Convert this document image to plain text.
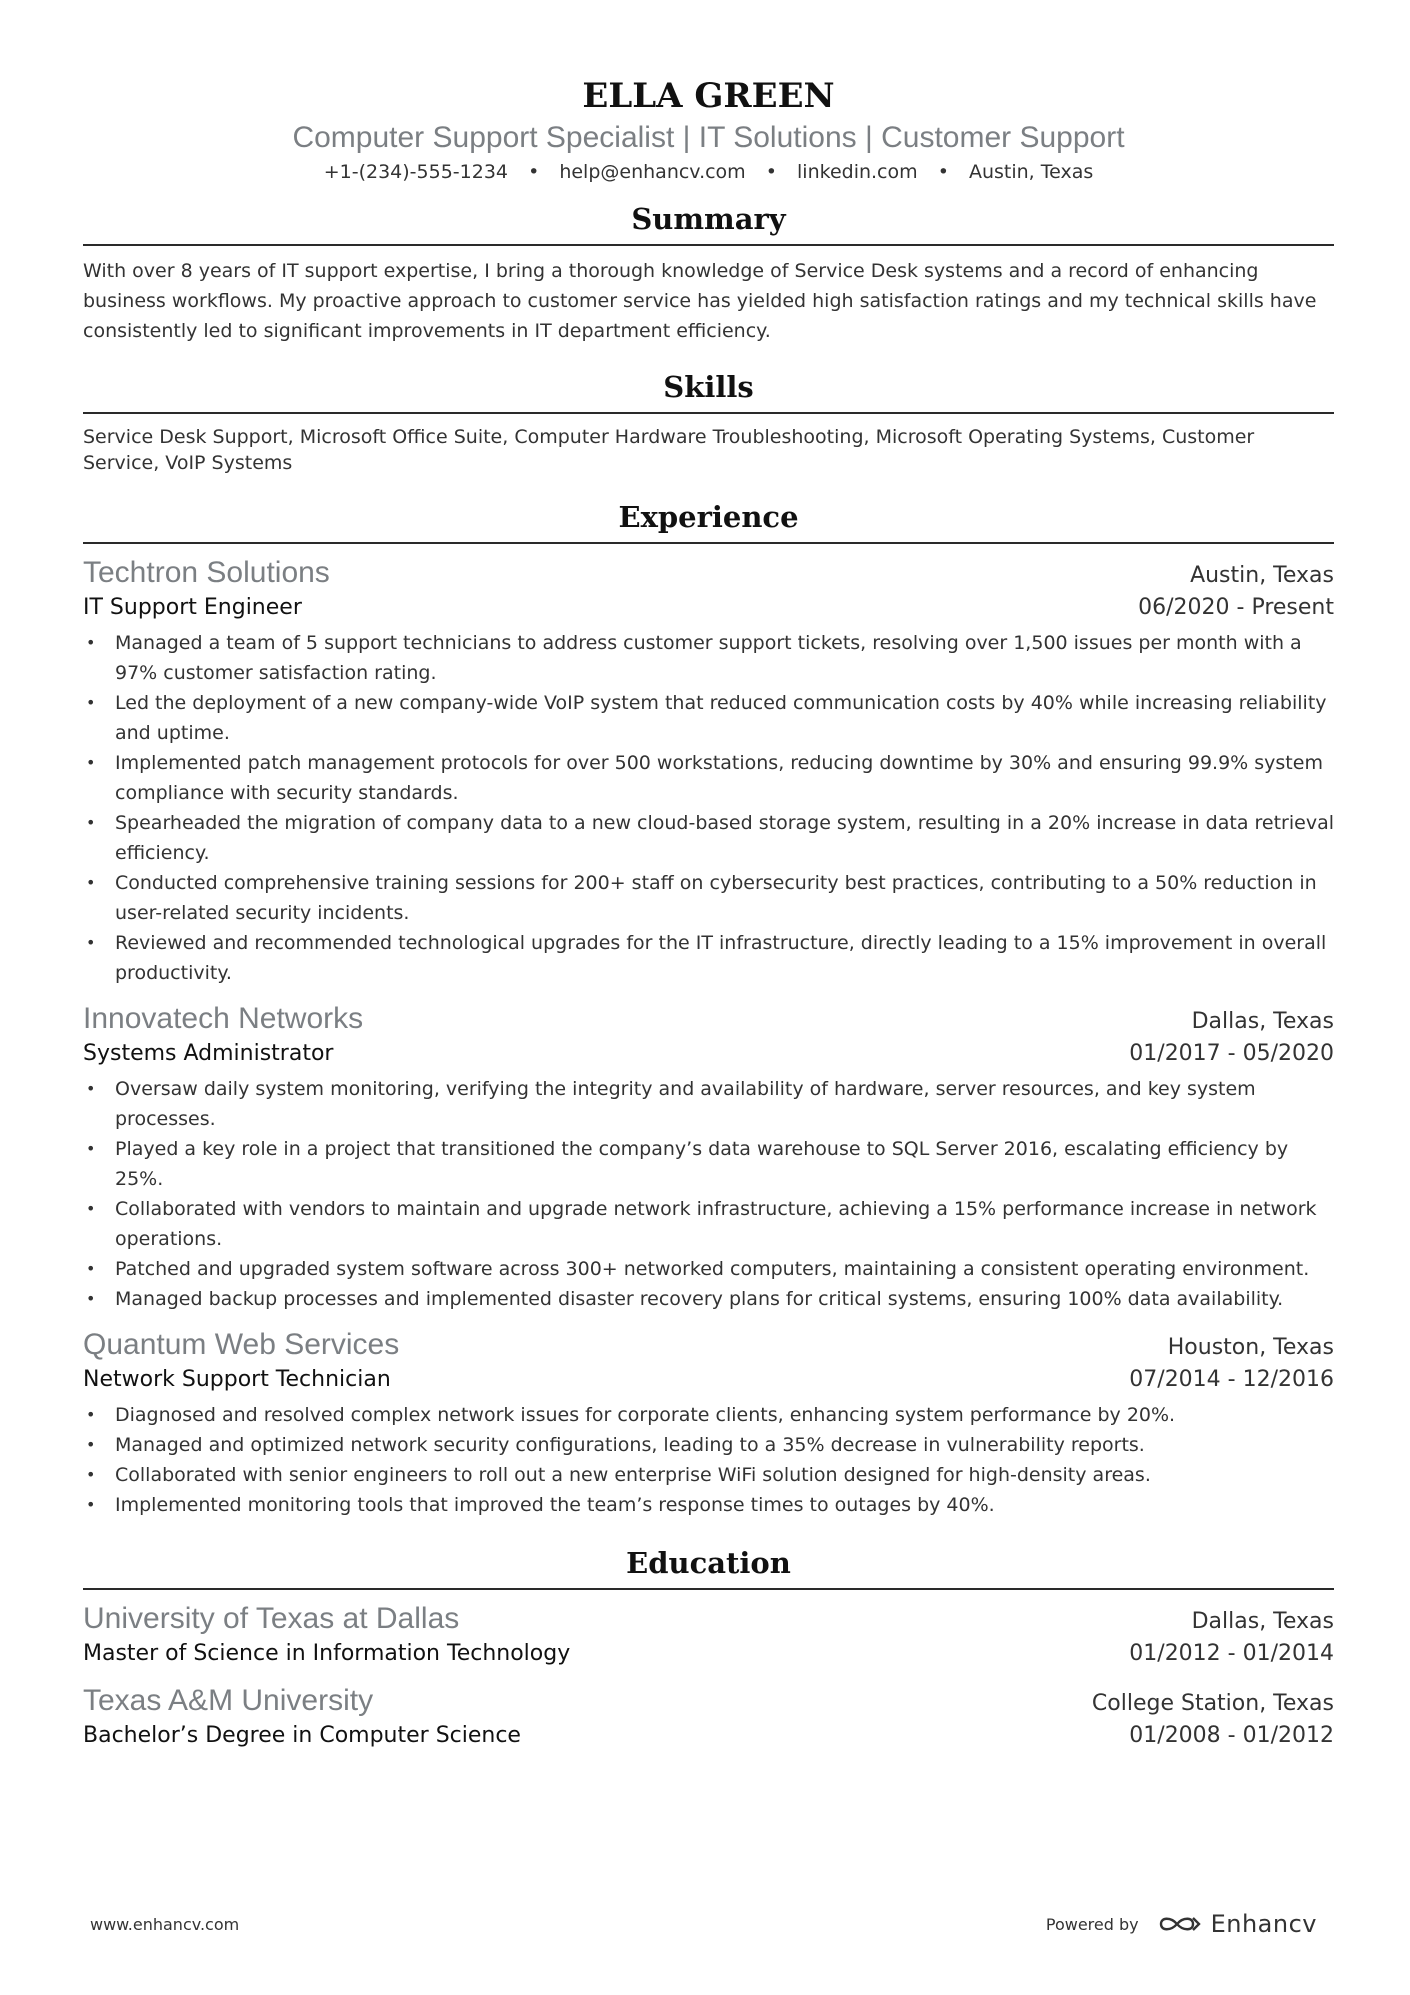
ELLA GREEN
Computer Support Specialist | IT Solutions | Customer Support
+1-(234)-555-1234 • help@enhancv.com • linkedin.com • Austin, Texas
Summary

With over 8 years of IT support expertise, I bring a thorough knowledge of Service Desk systems and a record of enhancing business workflows. My proactive approach to customer service has yielded high satisfaction ratings and my technical skills have consistently led to significant improvements in IT department efficiency.

Skills

Service Desk Support, Microsoft Office Suite, Computer Hardware Troubleshooting, Microsoft Operating Systems, Customer Service, VoIP Systems

Experience
Techtron Solutions	Austin, Texas
IT Support Engineer	06/2020 - Present
• Managed a team of 5 support technicians to address customer support tickets, resolving over 1,500 issues per month with a 97% customer satisfaction rating.
• Led the deployment of a new company-wide VoIP system that reduced communication costs by 40% while increasing reliability and uptime.
• Implemented patch management protocols for over 500 workstations, reducing downtime by 30% and ensuring 99.9% system compliance with security standards.
• Spearheaded the migration of company data to a new cloud-based storage system, resulting in a 20% increase in data retrieval efficiency.
• Conducted comprehensive training sessions for 200+ staff on cybersecurity best practices, contributing to a 50% reduction in user-related security incidents.
• Reviewed and recommended technological upgrades for the IT infrastructure, directly leading to a 15% improvement in overall productivity.
Innovatech Networks	Dallas, Texas
Systems Administrator	01/2017 - 05/2020
• Oversaw daily system monitoring, verifying the integrity and availability of hardware, server resources, and key system processes.
• Played a key role in a project that transitioned the company’s data warehouse to SQL Server 2016, escalating efficiency by 25%.
• Collaborated with vendors to maintain and upgrade network infrastructure, achieving a 15% performance increase in network operations.
• Patched and upgraded system software across 300+ networked computers, maintaining a consistent operating environment.
• Managed backup processes and implemented disaster recovery plans for critical systems, ensuring 100% data availability.
Quantum Web Services	Houston, Texas
Network Support Technician	07/2014 - 12/2016
• Diagnosed and resolved complex network issues for corporate clients, enhancing system performance by 20%.
• Managed and optimized network security configurations, leading to a 35% decrease in vulnerability reports.
• Collaborated with senior engineers to roll out a new enterprise WiFi solution designed for high-density areas.
• Implemented monitoring tools that improved the team’s response times to outages by 40%.
Education
University of Texas at Dallas	Dallas, Texas
Master of Science in Information Technology	01/2012 - 01/2014
Texas A&M University	College Station, Texas
Bachelor’s Degree in Computer Science	01/2008 - 01/2012
www.enhancv.com	Powered by	Enhancv
